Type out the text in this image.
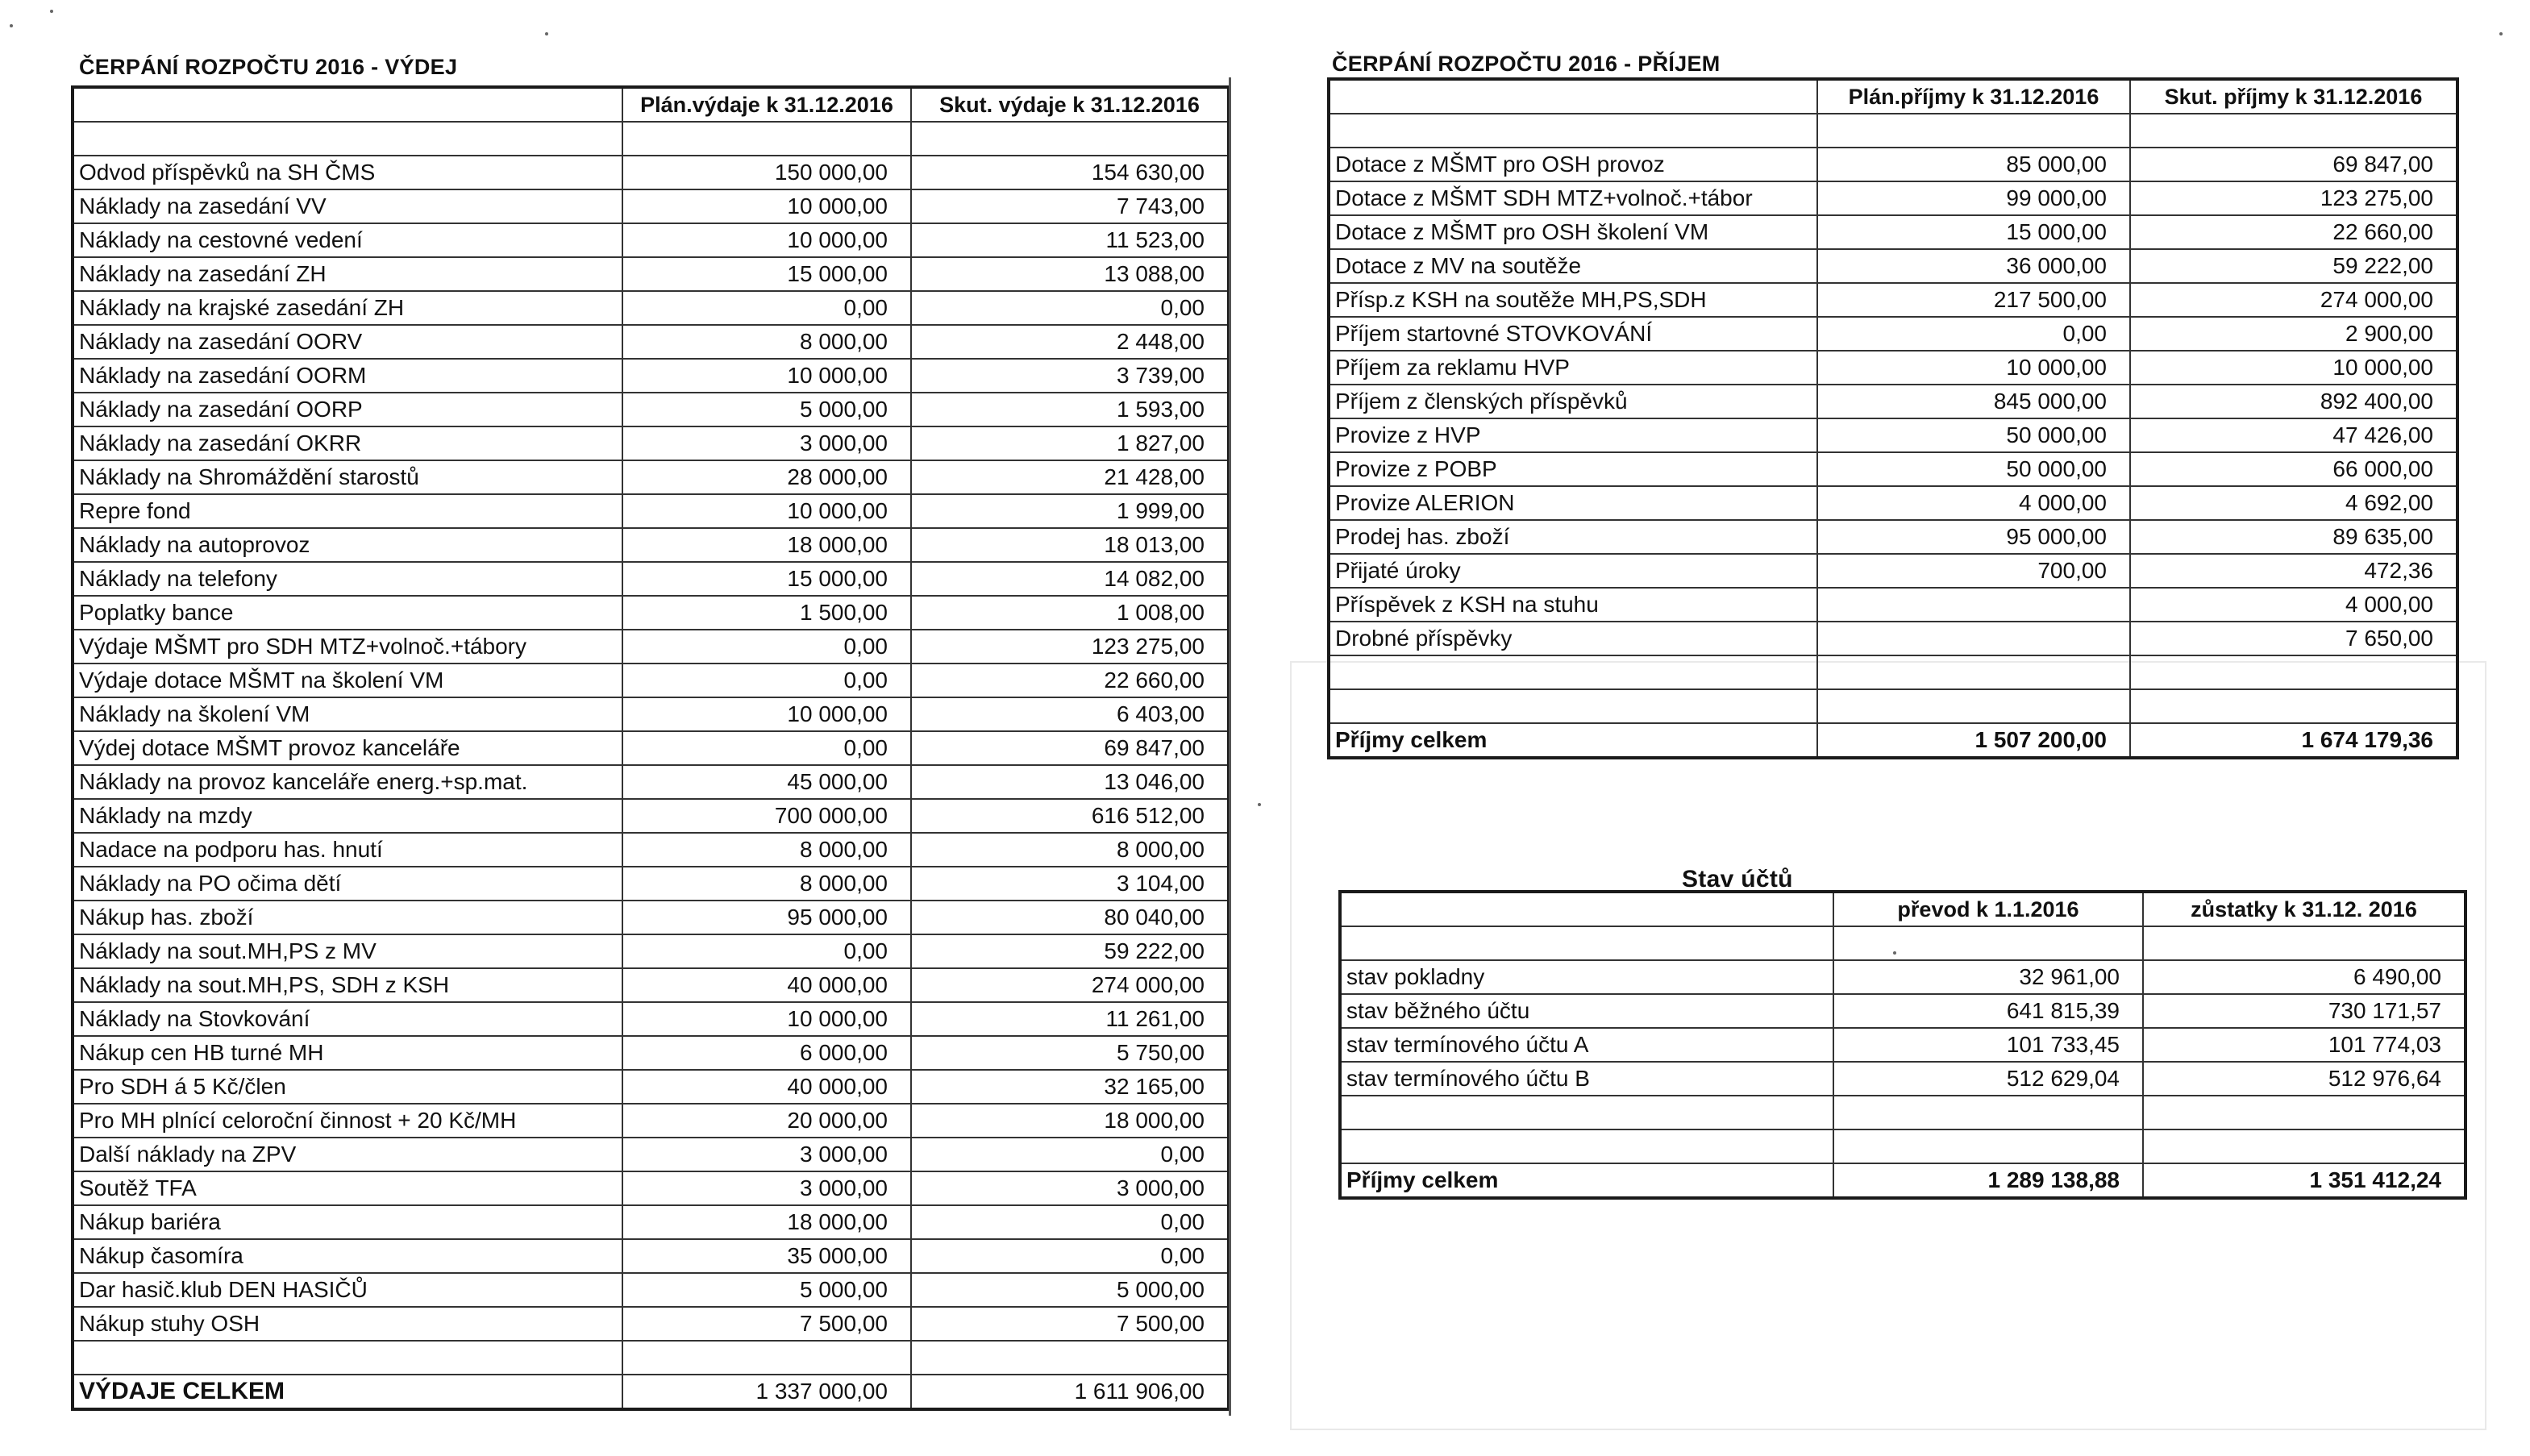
ČERPÁNÍ ROZPOČTU 2016 - VÝDEJ
	Plán.výdaje k 31.12.2016	Skut. výdaje k 31.12.2016

Odvod příspěvků na SH ČMS	150 000,00	154 630,00
Náklady na zasedání VV	10 000,00	7 743,00
Náklady na cestovné vedení	10 000,00	11 523,00
Náklady na zasedání ZH	15 000,00	13 088,00
Náklady na krajské zasedání ZH	0,00	0,00
Náklady na zasedání OORV	8 000,00	2 448,00
Náklady na zasedání OORM	10 000,00	3 739,00
Náklady na zasedání OORP	5 000,00	1 593,00
Náklady na zasedání OKRR	3 000,00	1 827,00
Náklady na Shromáždění starostů	28 000,00	21 428,00
Repre fond	10 000,00	1 999,00
Náklady na autoprovoz	18 000,00	18 013,00
Náklady na telefony	15 000,00	14 082,00
Poplatky bance	1 500,00	1 008,00
Výdaje MŠMT pro SDH MTZ+volnoč.+tábory	0,00	123 275,00
Výdaje dotace MŠMT na školení VM	0,00	22 660,00
Náklady na školení VM	10 000,00	6 403,00
Výdej dotace MŠMT provoz kanceláře	0,00	69 847,00
Náklady na provoz kanceláře energ.+sp.mat.	45 000,00	13 046,00
Náklady na mzdy	700 000,00	616 512,00
Nadace na podporu has. hnutí	8 000,00	8 000,00
Náklady na PO očima dětí	8 000,00	3 104,00
Nákup has. zboží	95 000,00	80 040,00
Náklady na sout.MH,PS z MV	0,00	59 222,00
Náklady na sout.MH,PS, SDH z KSH	40 000,00	274 000,00
Náklady na Stovkování	10 000,00	11 261,00
Nákup cen HB turné MH	6 000,00	5 750,00
Pro SDH á 5 Kč/člen	40 000,00	32 165,00
Pro MH plnící celoroční činnost + 20 Kč/MH	20 000,00	18 000,00
Další náklady na ZPV	3 000,00	0,00
Soutěž TFA	3 000,00	3 000,00
Nákup bariéra	18 000,00	0,00
Nákup časomíra	35 000,00	0,00
Dar hasič.klub DEN HASIČŮ	5 000,00	5 000,00
Nákup stuhy OSH	7 500,00	7 500,00

VÝDAJE CELKEM	1 337 000,00	1 611 906,00
ČERPÁNÍ ROZPOČTU 2016 - PŘÍJEM
	Plán.příjmy k 31.12.2016	Skut. příjmy k 31.12.2016

Dotace z MŠMT pro OSH provoz	85 000,00	69 847,00
Dotace z MŠMT SDH MTZ+volnoč.+tábor	99 000,00	123 275,00
Dotace z MŠMT pro OSH školení VM	15 000,00	22 660,00
Dotace z MV na soutěže	36 000,00	59 222,00
Přísp.z KSH na soutěže MH,PS,SDH	217 500,00	274 000,00
Příjem startovné STOVKOVÁNÍ	0,00	2 900,00
Příjem za reklamu HVP	10 000,00	10 000,00
Příjem z členských příspěvků	845 000,00	892 400,00
Provize z HVP	50 000,00	47 426,00
Provize z POBP	50 000,00	66 000,00
Provize ALERION	4 000,00	4 692,00
Prodej has. zboží	95 000,00	89 635,00
Přijaté úroky	700,00	472,36
Příspěvek z KSH na stuhu		4 000,00
Drobné příspěvky		7 650,00

Příjmy celkem	1 507 200,00	1 674 179,36
Stav účtů
	převod k 1.1.2016	zůstatky k 31.12. 2016

stav pokladny	32 961,00	6 490,00
stav běžného účtu	641 815,39	730 171,57
stav termínového účtu A	101 733,45	101 774,03
stav termínového účtu B	512 629,04	512 976,64

Příjmy celkem	1 289 138,88	1 351 412,24
